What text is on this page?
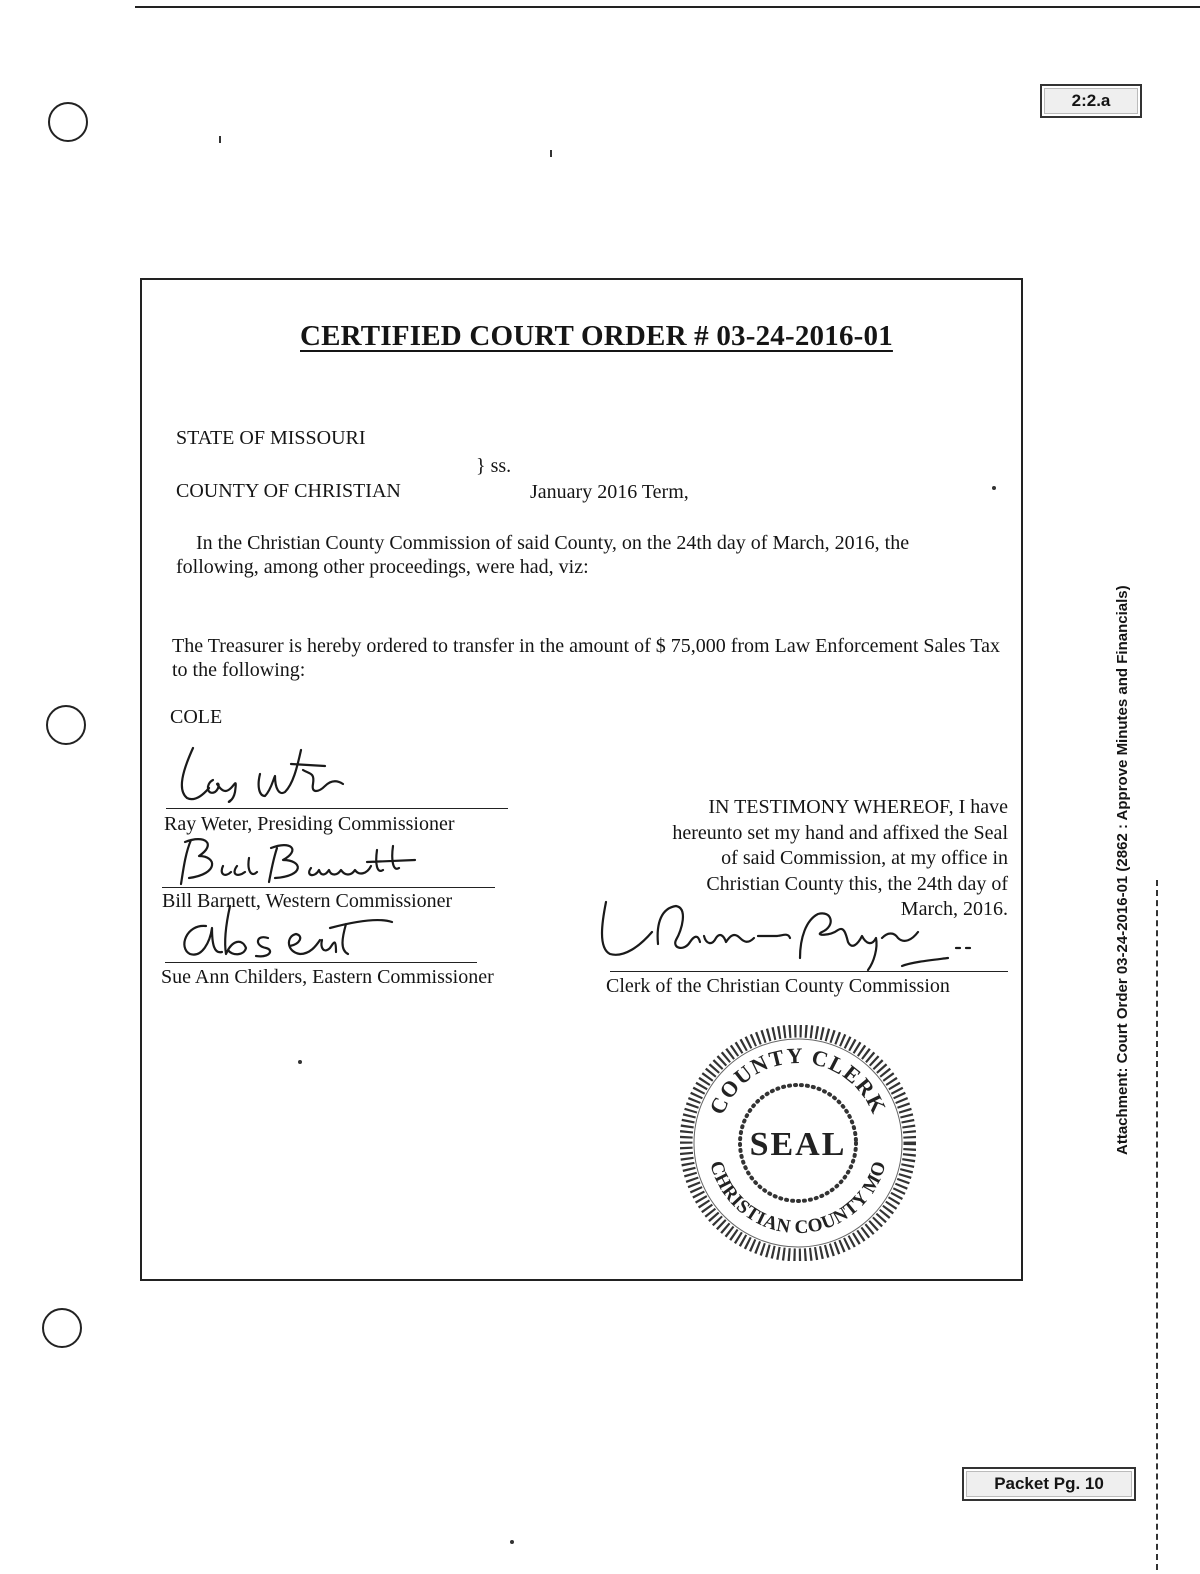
2:2.a
Attachment: Court Order 03-24-2016-01 (2862 : Approve Minutes and Financials)
CERTIFIED COURT ORDER # 03-24-2016-01
STATE OF MISSOURI
} ss.
COUNTY OF CHRISTIAN	January 2016 Term,
In the Christian County Commission of said County, on the 24th day of March, 2016, the following, among other proceedings, were had, viz:
The Treasurer is hereby ordered to transfer in the amount of $ 75,000 from Law Enforcement Sales Tax to the following:
COLE
Ray Weter, Presiding Commissioner
Bill Barnett, Western Commissioner
Sue Ann Childers, Eastern Commissioner
IN TESTIMONY WHEREOF, I have hereunto set my hand and affixed the Seal of said Commission, at my office in Christian County this, the 24th day of March, 2016.
Clerk of the Christian County Commission
COUNTY CLERK
CHRISTIAN COUNTY MO
SEAL
Packet Pg. 10
